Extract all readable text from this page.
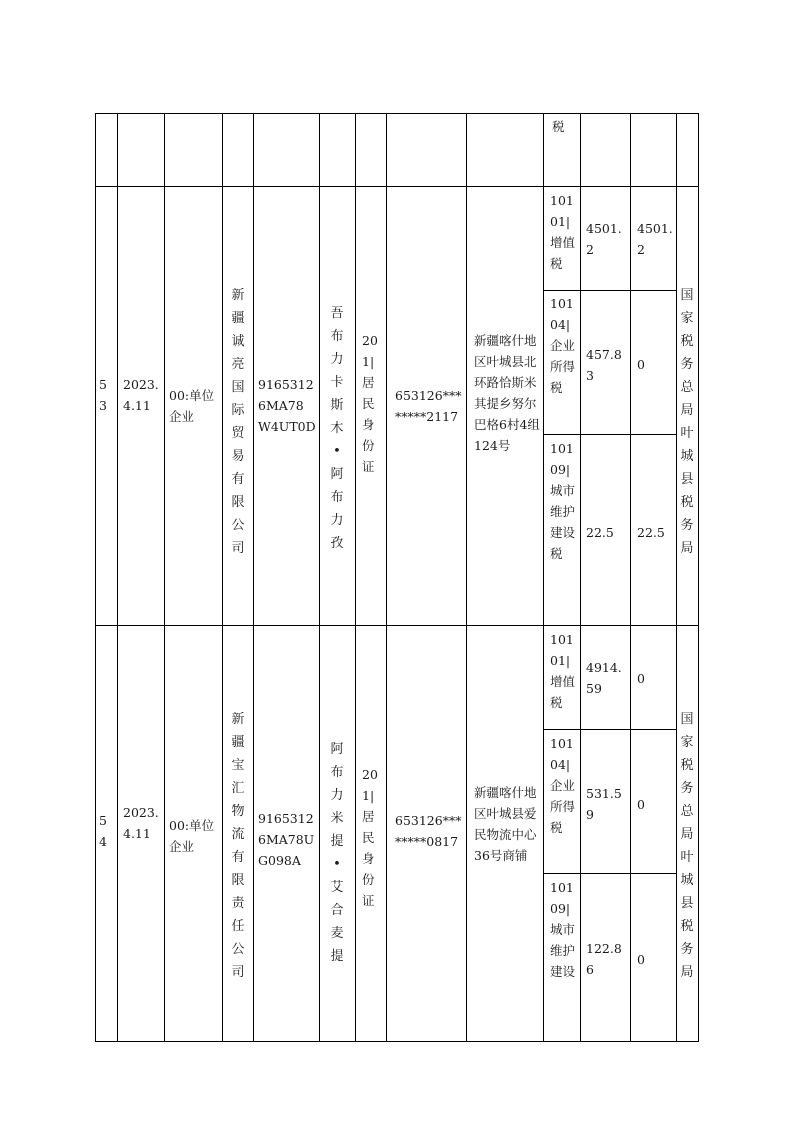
税
53
2023.4.11
00:单位企业
新疆诚亮国际贸易有限公司
91653126MA78W4UT0D
吾布力卡斯木•阿布力孜
201|居民身份证
653126********2117
新疆喀什地区叶城县北环路恰斯米其提乡努尔巴格6村4组124号
10101|增值税
4501.2
4501.2
10104|企业所得税
457.83
0
10109|城市维护建设税
22.5	22.5
国家税务总局叶城县税务局
54
2023.4.11
00:单位企业
新疆宝汇物流有限责任公司
91653126MA78UG098A
阿布力米提•艾合麦提
201|居民身份证
653126********0817
新疆喀什地区叶城县爱民物流中心36号商铺
10101|增值税
4914.59
0
10104|企业所得税
531.59
0
10109|城市维护建设
122.86
0
国家税务总局叶城县税务局
